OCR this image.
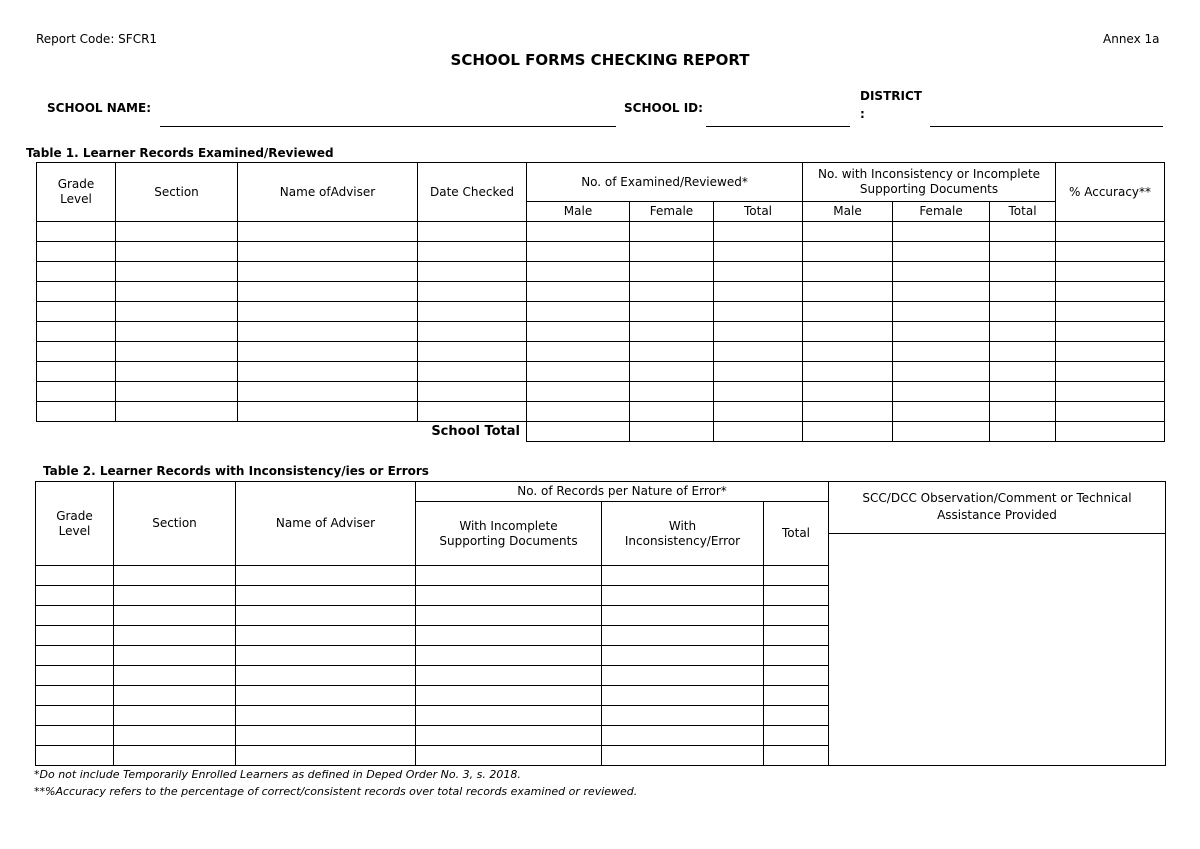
Report Code: SFCR1	Annex 1a
SCHOOL FORMS CHECKING REPORT
SCHOOL NAME:	SCHOOL ID:
DISTRICT
:
Table 1. Learner Records Examined/Reviewed
Grade Level	Section	Name ofAdviser	Date Checked	No. of Examined/Reviewed*			No. with Inconsistency or Incomplete Supporting Documents			% Accuracy**
				Male	Female	Total	Male	Female	Total	

			School Total							
Table 2. Learner Records with Inconsistency/ies or Errors
Grade Level	Section	Name of Adviser	No. of Records per Nature of Error*		
			With Incomplete Supporting Documents	With Inconsistency/Error	Total

SCC/DCC Observation/Comment or Technical Assistance Provided
*Do not include Temporarily Enrolled Learners as defined in Deped Order No. 3, s. 2018.
**%Accuracy refers to the percentage of correct/consistent records over total records examined or reviewed.
